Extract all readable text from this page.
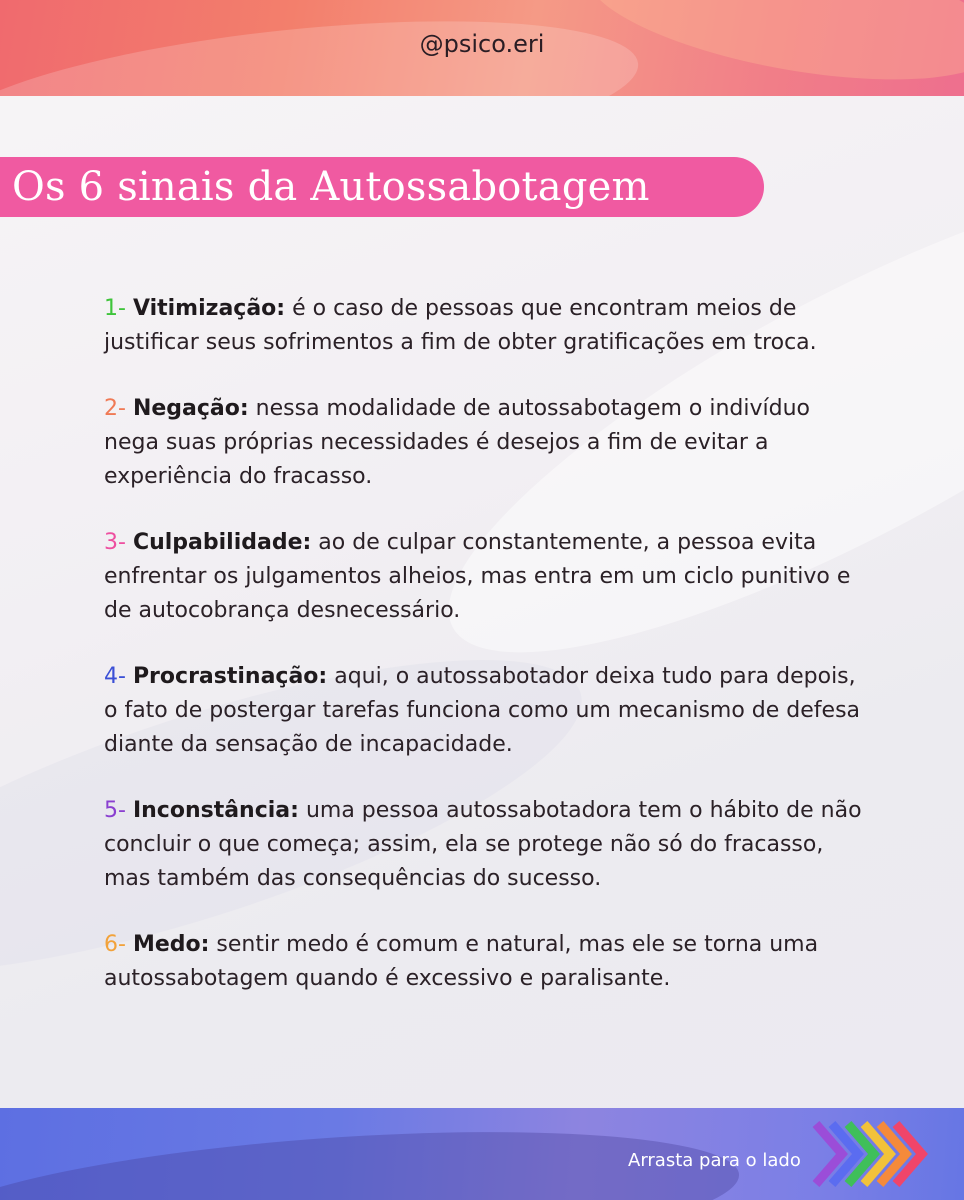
@psico.eri
Os 6 sinais da Autossabotagem

1- Vitimização: é o caso de pessoas que encontram meios de justificar seus sofrimentos a fim de obter gratificações em troca.

2- Negação: nessa modalidade de autossabotagem o indivíduo nega suas próprias necessidades é desejos a fim de evitar a experiência do fracasso.

3- Culpabilidade: ao de culpar constantemente, a pessoa evita enfrentar os julgamentos alheios, mas entra em um ciclo punitivo e de autocobrança desnecessário.

4- Procrastinação: aqui, o autossabotador deixa tudo para depois, o fato de postergar tarefas funciona como um mecanismo de defesa diante da sensação de incapacidade.

5- Inconstância: uma pessoa autossabotadora tem o hábito de não concluir o que começa; assim, ela se protege não só do fracasso, mas também das consequências do sucesso.

6- Medo: sentir medo é comum e natural, mas ele se torna uma autossabotagem quando é excessivo e paralisante.

Arrasta para o lado
